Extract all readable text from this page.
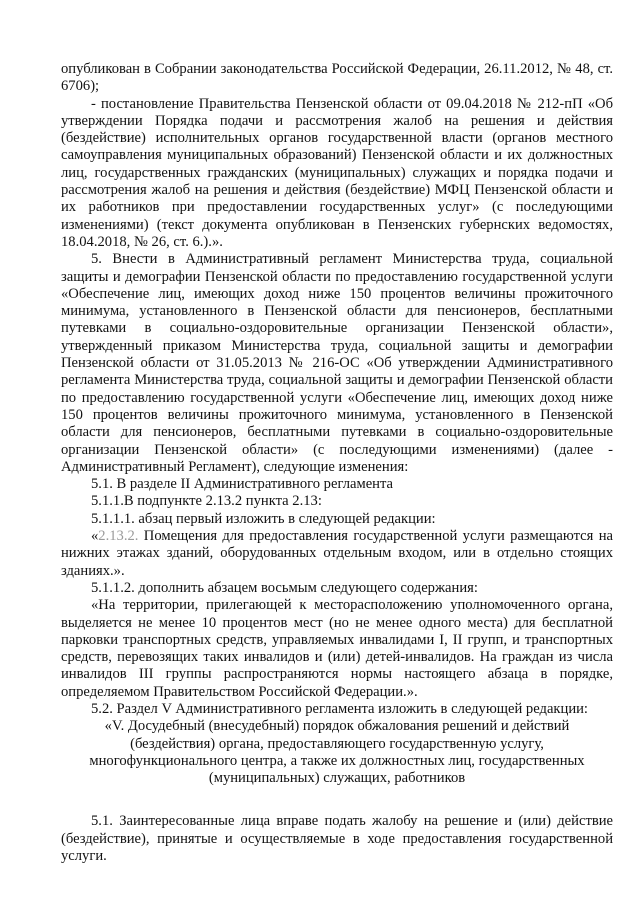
опубликован в Собрании законодательства Российской Федерации, 26.11.2012, № 48, ст. 6706);

- постановление Правительства Пензенской области от 09.04.2018 № 212-пП «Об утверждении Порядка подачи и рассмотрения жалоб на решения и действия (бездействие) исполнительных органов государственной власти (органов местного самоуправления муниципальных образований) Пензенской области и их должностных лиц, государственных гражданских (муниципальных) служащих и порядка подачи и рассмотрения жалоб на решения и действия (бездействие) МФЦ Пензенской области и их работников при предоставлении государственных услуг» (с последующими изменениями) (текст документа опубликован в Пензенских губернских ведомостях, 18.04.2018, № 26, ст. 6.).».

5. Внести в Административный регламент Министерства труда, социальной защиты и демографии Пензенской области по предоставлению государственной услуги «Обеспечение лиц, имеющих доход ниже 150 процентов величины прожиточного минимума, установленного в Пензенской области для пенсионеров, бесплатными путевками в социально-оздоровительные организации Пензенской области», утвержденный приказом Министерства труда, социальной защиты и демографии Пензенской области от 31.05.2013 № 216-ОС «Об утверждении Административного регламента Министерства труда, социальной защиты и демографии Пензенской области по предоставлению государственной услуги «Обеспечение лиц, имеющих доход ниже 150 процентов величины прожиточного минимума, установленного в Пензенской области для пенсионеров, бесплатными путевками в социально-оздоровительные организации Пензенской области» (с последующими изменениями) (далее - Административный Регламент), следующие изменения:

5.1. В разделе II Административного регламента

5.1.1.В подпункте 2.13.2 пункта 2.13:

5.1.1.1. абзац первый изложить в следующей редакции:

«2.13.2. Помещения для предоставления государственной услуги размещаются на нижних этажах зданий, оборудованных отдельным входом, или в отдельно стоящих зданиях.».

5.1.1.2. дополнить абзацем восьмым следующего содержания:

«На территории, прилегающей к месторасположению уполномоченного органа, выделяется не менее 10 процентов мест (но не менее одного места) для бесплатной парковки транспортных средств, управляемых инвалидами I, II групп, и транспортных средств, перевозящих таких инвалидов и (или) детей-инвалидов. На граждан из числа инвалидов III группы распространяются нормы настоящего абзаца в порядке, определяемом Правительством Российской Федерации.».

5.2. Раздел V Административного регламента изложить в следующей редакции:

«V. Досудебный (внесудебный) порядок обжалования решений и действий

(бездействия) органа, предоставляющего государственную услугу,

многофункционального центра, а также их должностных лиц, государственных

(муниципальных) служащих, работников

5.1. Заинтересованные лица вправе подать жалобу на решение и (или) действие (бездействие), принятые и осуществляемые в ходе предоставления государственной услуги.
